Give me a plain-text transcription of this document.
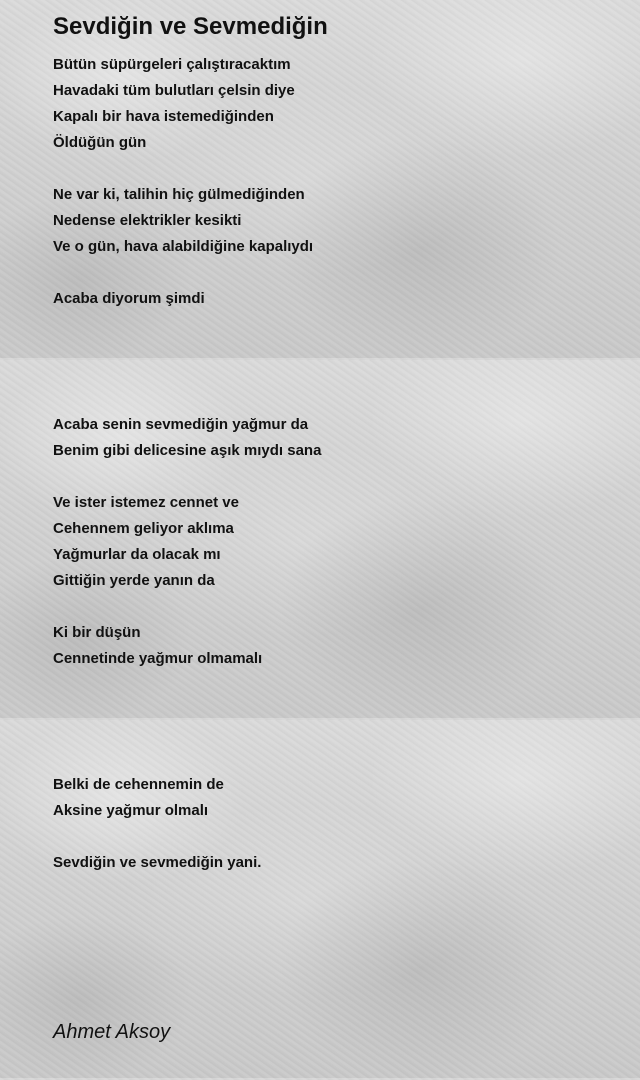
Sevdiğin ve Sevmediğin
Bütün süpürgeleri çalıştıracaktım
Havadaki tüm bulutları çelsin diye
Kapalı bir hava istemediğinden
Öldüğün gün
Ne var ki, talihin hiç gülmediğinden
Nedense elektrikler kesikti
Ve o gün, hava alabildiğine kapalıydı
Acaba diyorum şimdi
Acaba senin sevmediğin yağmur da
Benim gibi delicesine aşık mıydı sana
Ve ister istemez cennet ve
Cehennem geliyor aklıma
Yağmurlar da olacak mı
Gittiğin yerde yanın da
Ki bir düşün
Cennetinde yağmur olmamalı
Belki de cehennemin de
Aksine yağmur olmalı
Sevdiğin ve sevmediğin yani.
Ahmet Aksoy
